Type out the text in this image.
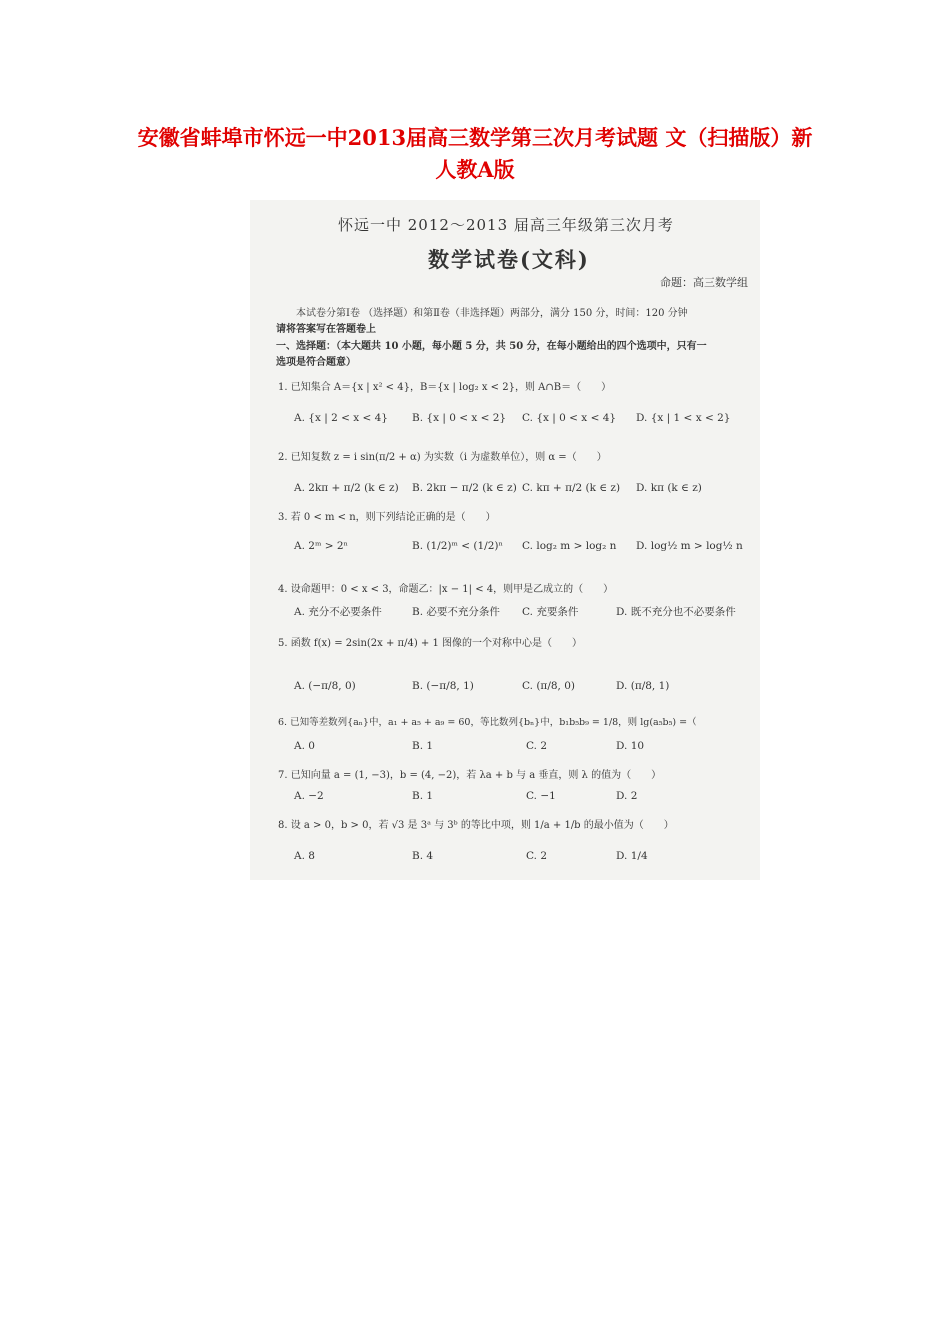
安徽省蚌埠市怀远一中2013届高三数学第三次月考试题 文（扫描版）新人教A版
怀远一中 2012～2013 届高三年级第三次月考
数学试卷(文科)
命题：高三数学组
本试卷分第Ⅰ卷 （选择题）和第Ⅱ卷（非选择题）两部分，满分 150 分，时间：120 分钟
请将答案写在答题卷上
一、选择题：（本大题共 10 小题，每小题 5 分，共 50 分，在每小题给出的四个选项中，只有一
选项是符合题意）
1. 已知集合 A＝{x | x² < 4}，B＝{x | log₂ x < 2}，则 A∩B＝（　　）
A. {x | 2 < x < 4} B. {x | 0 < x < 2} C. {x | 0 < x < 4} D. {x | 1 < x < 2}
2. 已知复数 z = i sin(π/2 + α) 为实数（i 为虚数单位），则 α =（　　）
A. 2kπ + π/2 (k ∈ z) B. 2kπ − π/2 (k ∈ z) C. kπ + π/2 (k ∈ z) D. kπ (k ∈ z)
3. 若 0 < m < n，则下列结论正确的是（　　）
A. 2ᵐ > 2ⁿ	B. (1/2)ᵐ < (1/2)ⁿ C. log₂ m > log₂ n D. log½ m > log½ n
4. 设命题甲：0 < x < 3，命题乙：|x − 1| < 4，则甲是乙成立的（　　）
A. 充分不必要条件	B. 必要不充分条件 C. 充要条件	D. 既不充分也不必要条件
5. 函数 f(x) = 2sin(2x + π/4) + 1 图像的一个对称中心是（　　）
A. (−π/8, 0)	B. (−π/8, 1)	C. (π/8, 0)	D. (π/8, 1)
6. 已知等差数列{aₙ}中，a₁ + a₅ + a₉ = 60，等比数列{bₙ}中，b₁b₅b₉ = 1/8，则 lg(a₅b₅) =（
A. 0	B. 1	C. 2	D. 10
7. 已知向量 a = (1, −3)，b = (4, −2)，若 λa + b 与 a 垂直，则 λ 的值为（　　）
A. −2	B. 1	C. −1	D. 2
8. 设 a > 0，b > 0，若 √3 是 3ᵃ 与 3ᵇ 的等比中项，则 1/a + 1/b 的最小值为（　　）
A. 8	B. 4	C. 2	D. 1/4
